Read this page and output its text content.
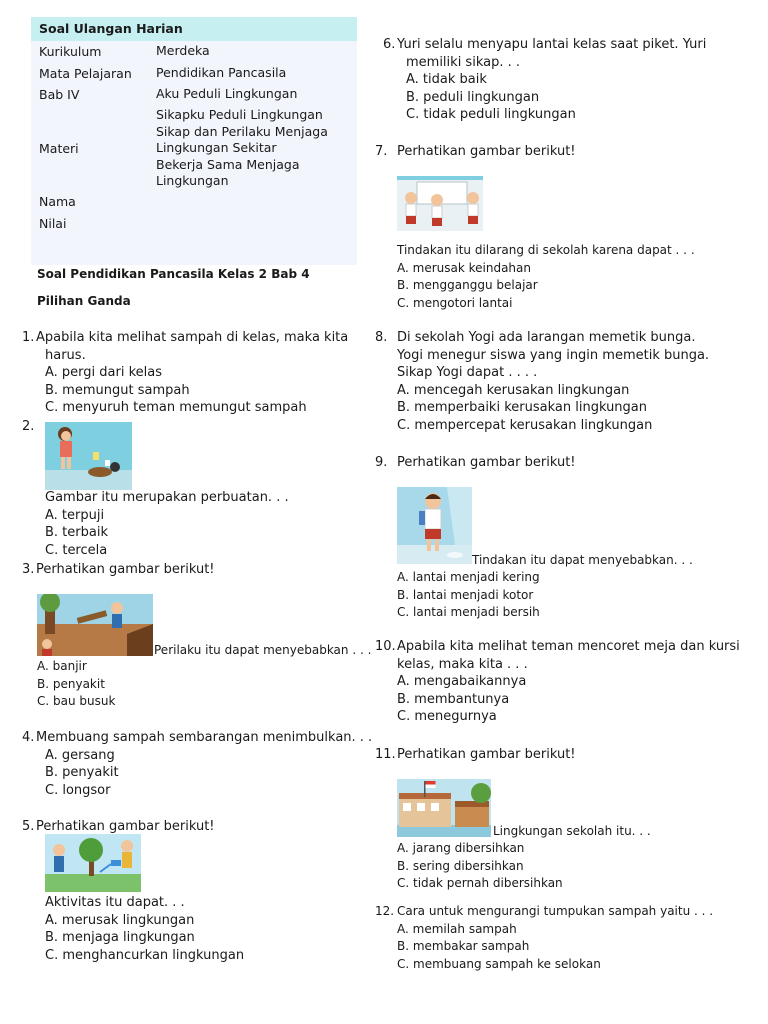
Soal Ulangan Harian
Kurikulum	Merdeka
Mata Pelajaran Pendidikan Pancasila
Bab IV	Aku Peduli Lingkungan
Materi
Sikapku Peduli Lingkungan
Sikap dan Perilaku Menjaga
Lingkungan Sekitar
Bekerja Sama Menjaga
Lingkungan
Nama
Nilai
Soal Pendidikan Pancasila Kelas 2 Bab 4
Pilihan Ganda
1. Apabila kita melihat sampah di kelas, maka kita
harus.
A. pergi dari kelas
B. memungut sampah
C. menyuruh teman memungut sampah
2.
Gambar itu merupakan perbuatan. . .
A. terpuji
B. terbaik
C. tercela
3. Perhatikan gambar berikut!
Perilaku itu dapat menyebabkan . . .
A. banjir
B. penyakit
C. bau busuk
4. Membuang sampah sembarangan menimbulkan. . .
A. gersang
B. penyakit
C. longsor
5. Perhatikan gambar berikut!
Aktivitas itu dapat. . .
A. merusak lingkungan
B. menjaga lingkungan
C. menghancurkan lingkungan
6. Yuri selalu menyapu lantai kelas saat piket. Yuri
memiliki sikap. . .
A. tidak baik
B. peduli lingkungan
C. tidak peduli lingkungan
7. Perhatikan gambar berikut!
Tindakan itu dilarang di sekolah karena dapat . . .
A. merusak keindahan
B. mengganggu belajar
C. mengotori lantai
8. Di sekolah Yogi ada larangan memetik bunga.
Yogi menegur siswa yang ingin memetik bunga.
Sikap Yogi dapat . . . .
A. mencegah kerusakan lingkungan
B. memperbaiki kerusakan lingkungan
C. mempercepat kerusakan lingkungan
9. Perhatikan gambar berikut!
Tindakan itu dapat menyebabkan. . .
A. lantai menjadi kering
B. lantai menjadi kotor
C. lantai menjadi bersih
10. Apabila kita melihat teman mencoret meja dan kursi
kelas, maka kita . . .
A. mengabaikannya
B. membantunya
C. menegurnya
11. Perhatikan gambar berikut!
Lingkungan sekolah itu. . .
A. jarang dibersihkan
B. sering dibersihkan
C. tidak pernah dibersihkan
12. Cara untuk mengurangi tumpukan sampah yaitu . . .
A. memilah sampah
B. membakar sampah
C. membuang sampah ke selokan
